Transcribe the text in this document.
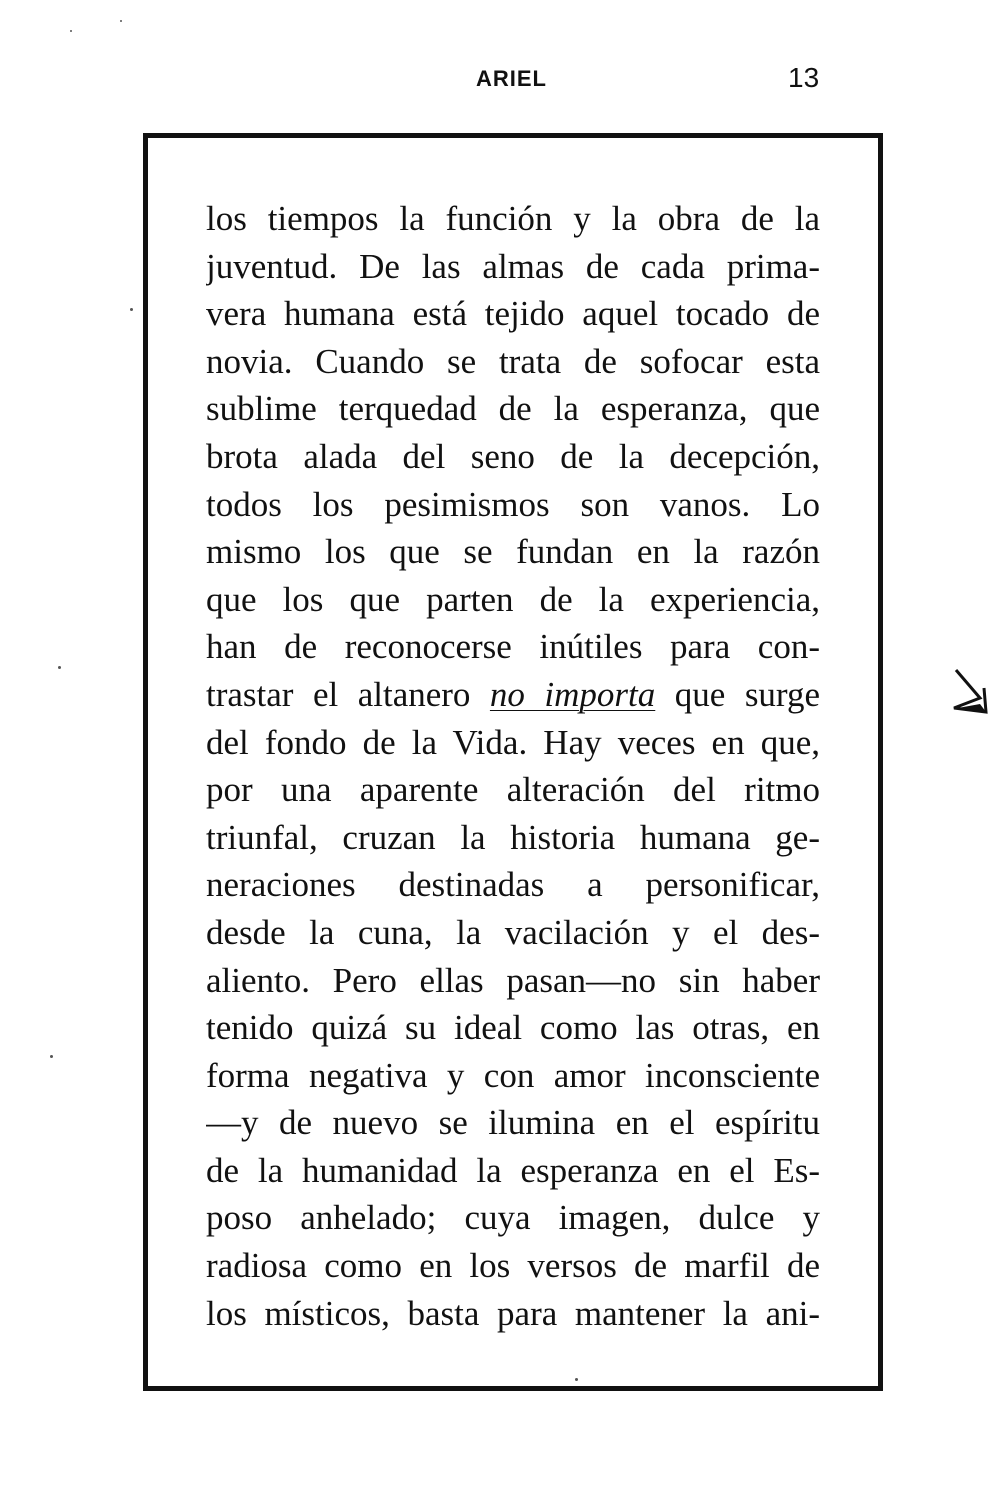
ARIEL	13
los tiempos la función y la obra de la
juventud. De las almas de cada prima-
vera humana está tejido aquel tocado de
novia. Cuando se trata de sofocar esta
sublime terquedad de la esperanza, que
brota alada del seno de la decepción,
todos los pesimismos son vanos. Lo
mismo los que se fundan en la razón
que los que parten de la experiencia,
han de reconocerse inútiles para con-
trastar el altanero no importa que surge
del fondo de la Vida. Hay veces en que,
por una aparente alteración del ritmo
triunfal, cruzan la historia humana ge-
neraciones destinadas a personificar,
desde la cuna, la vacilación y el des-
aliento. Pero ellas pasan—no sin haber
tenido quizá su ideal como las otras, en
forma negativa y con amor inconsciente
—y de nuevo se ilumina en el espíritu
de la humanidad la esperanza en el Es-
poso anhelado; cuya imagen, dulce y
radiosa como en los versos de marfil de
los místicos, basta para mantener la ani-
